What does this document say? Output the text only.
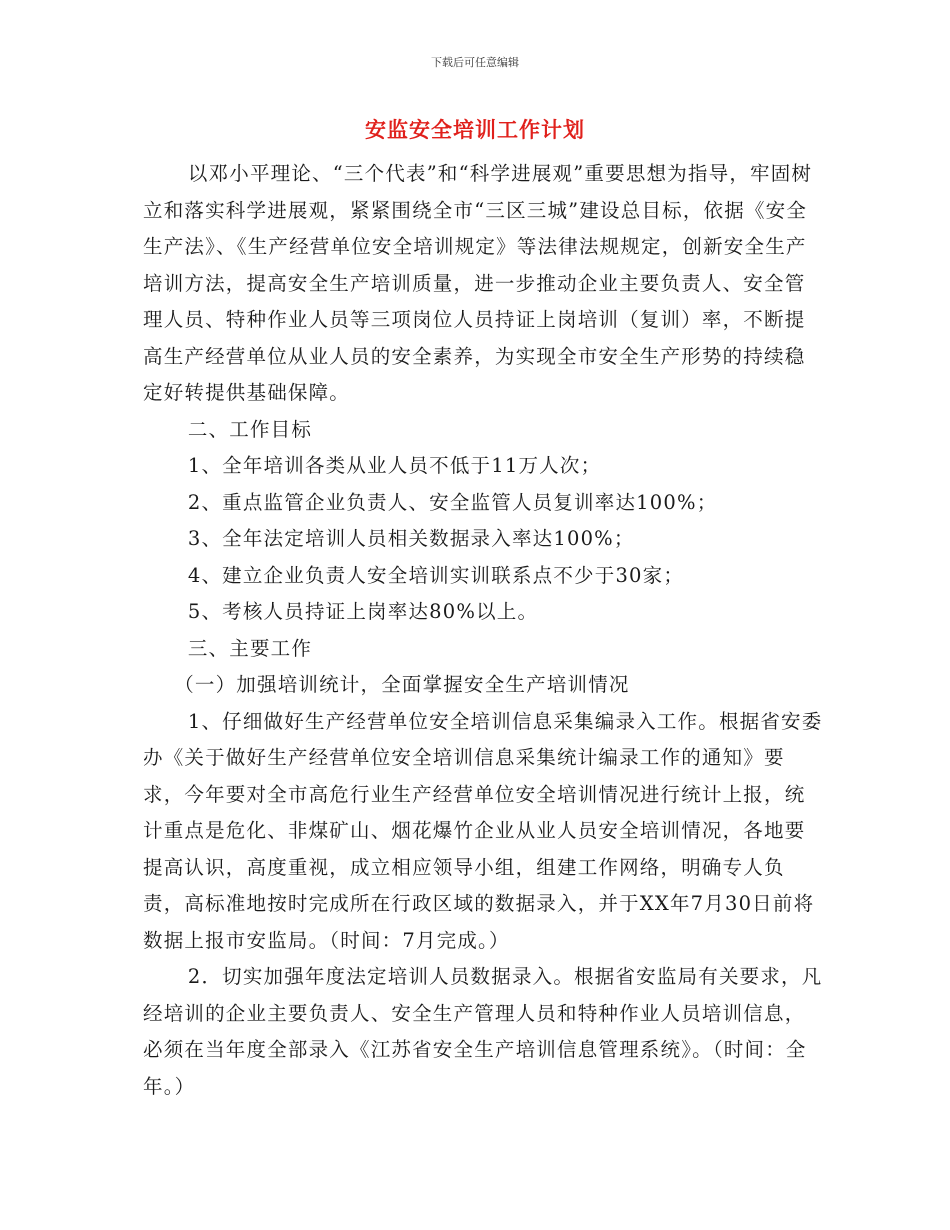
下载后可任意编辑
安监安全培训工作计划

以邓小平理论、“三个代表”和“科学进展观”重要思想为指导，牢固树立和落实科学进展观，紧紧围绕全市“三区三城”建设总目标，依据《安全生产法》、《生产经营单位安全培训规定》等法律法规规定，创新安全生产培训方法，提高安全生产培训质量，进一步推动企业主要负责人、安全管理人员、特种作业人员等三项岗位人员持证上岗培训（复训）率，不断提高生产经营单位从业人员的安全素养，为实现全市安全生产形势的持续稳定好转提供基础保障。

二、工作目标

1、全年培训各类从业人员不低于11万人次；

2、重点监管企业负责人、安全监管人员复训率达100%；

3、全年法定培训人员相关数据录入率达100%；

4、建立企业负责人安全培训实训联系点不少于30家；

5、考核人员持证上岗率达80%以上。

三、主要工作

（一）加强培训统计，全面掌握安全生产培训情况

1、仔细做好生产经营单位安全培训信息采集编录入工作。根据省安委办《关于做好生产经营单位安全培训信息采集统计编录工作的通知》要求，今年要对全市高危行业生产经营单位安全培训情况进行统计上报，统计重点是危化、非煤矿山、烟花爆竹企业从业人员安全培训情况，各地要提高认识，高度重视，成立相应领导小组，组建工作网络，明确专人负责，高标准地按时完成所在行政区域的数据录入，并于XX年7月30日前将数据上报市安监局。（时间：7月完成。）

2．切实加强年度法定培训人员数据录入。根据省安监局有关要求，凡经培训的企业主要负责人、安全生产管理人员和特种作业人员培训信息，必须在当年度全部录入《江苏省安全生产培训信息管理系统》。（时间：全年。）
